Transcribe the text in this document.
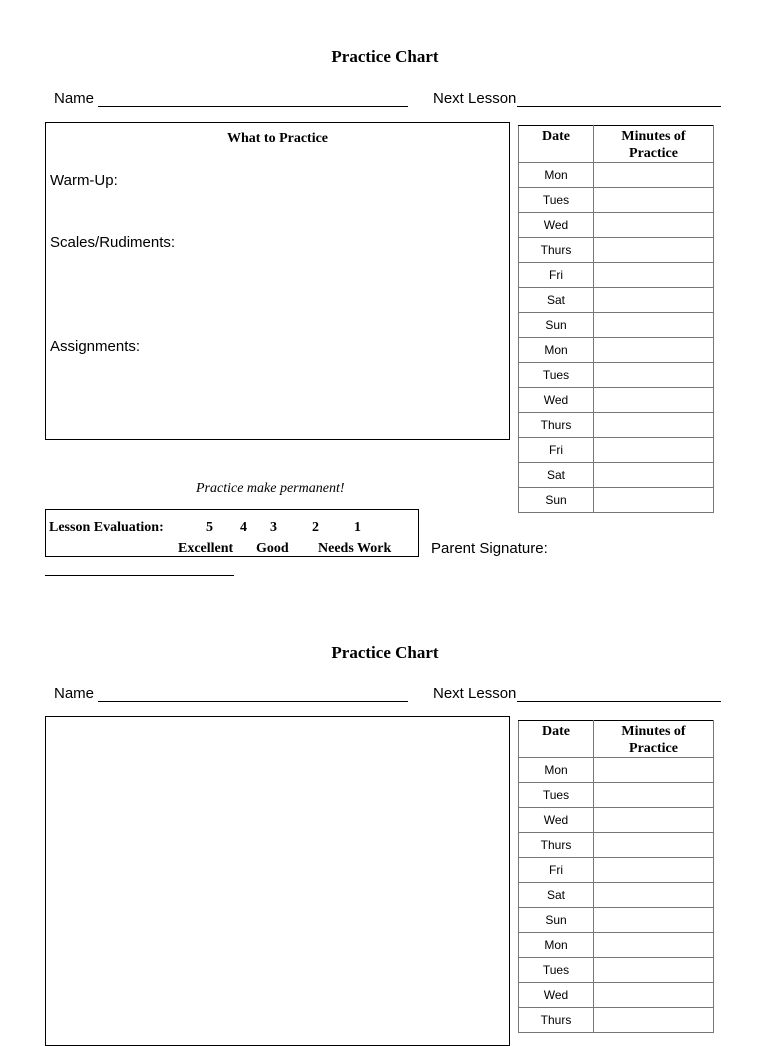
Practice Chart
Name	Next Lesson
What to Practice
Warm-Up:
Scales/Rudiments:
Assignments:
Date	Minutes of
Practice
Mon	
Tues	
Wed	
Thurs	
Fri	
Sat	
Sun	
Mon	
Tues	
Wed	
Thurs	
Fri	
Sat	
Sun	
Practice make permanent!
Lesson Evaluation:	5 4 3	2	1
Excellent Good Needs Work	Parent Signature:
Practice Chart
Name	Next Lesson
Date	Minutes of
Practice
Mon	
Tues	
Wed	
Thurs	
Fri	
Sat	
Sun	
Mon	
Tues	
Wed	
Thurs	
